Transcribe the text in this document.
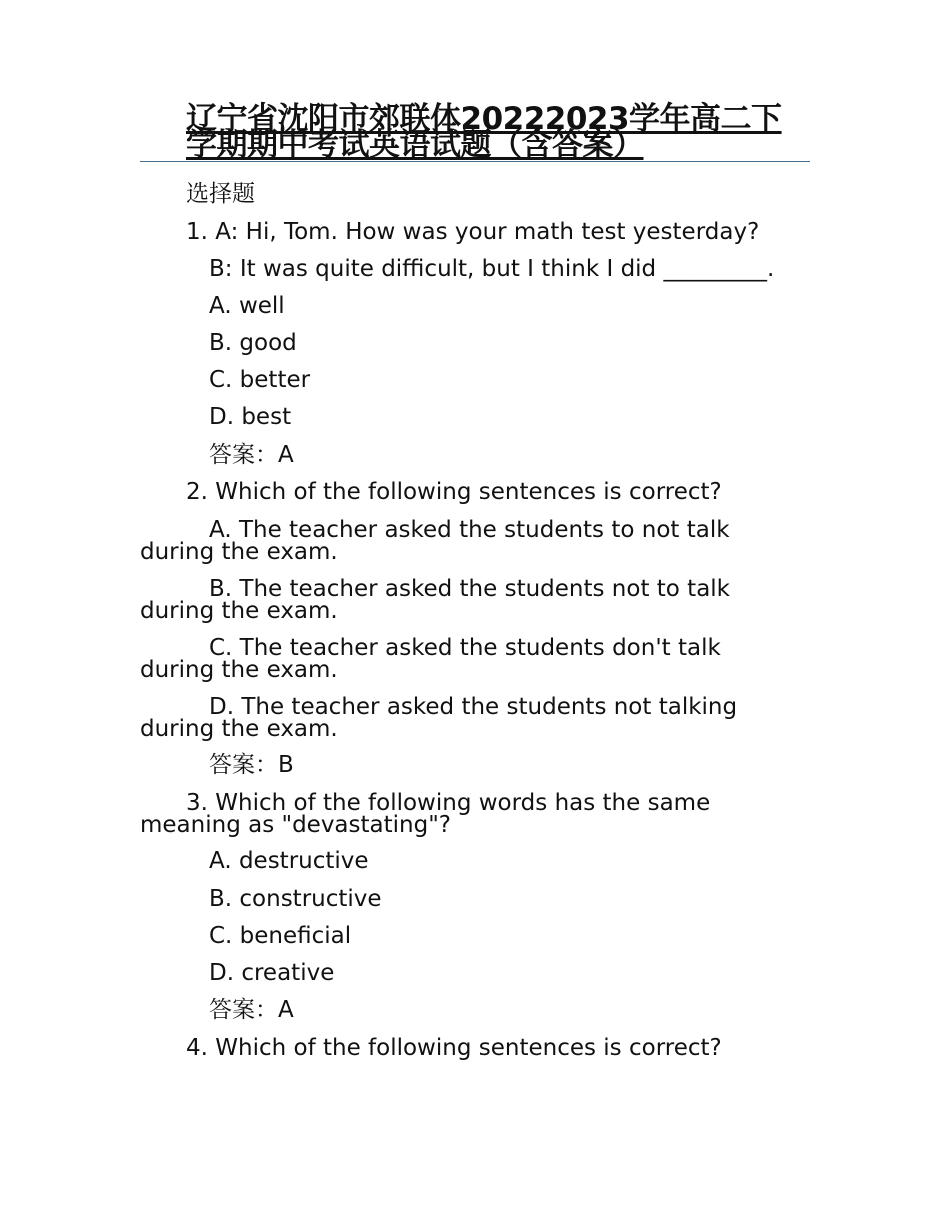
辽宁省沈阳市郊联体20222023学年高二下学期期中考试英语试题（含答案）
选择题
1. A: Hi, Tom. How was your math test yesterday?
B: It was quite difficult, but I think I did _________.
A. well
B. good
C. better
D. best
答案：A
2. Which of the following sentences is correct?
A. The teacher asked the students to not talk
during the exam.
B. The teacher asked the students not to talk
during the exam.
C. The teacher asked the students don't talk
during the exam.
D. The teacher asked the students not talking
during the exam.
答案：B
3. Which of the following words has the same
meaning as "devastating"?
A. destructive
B. constructive
C. beneficial
D. creative
答案：A
4. Which of the following sentences is correct?
